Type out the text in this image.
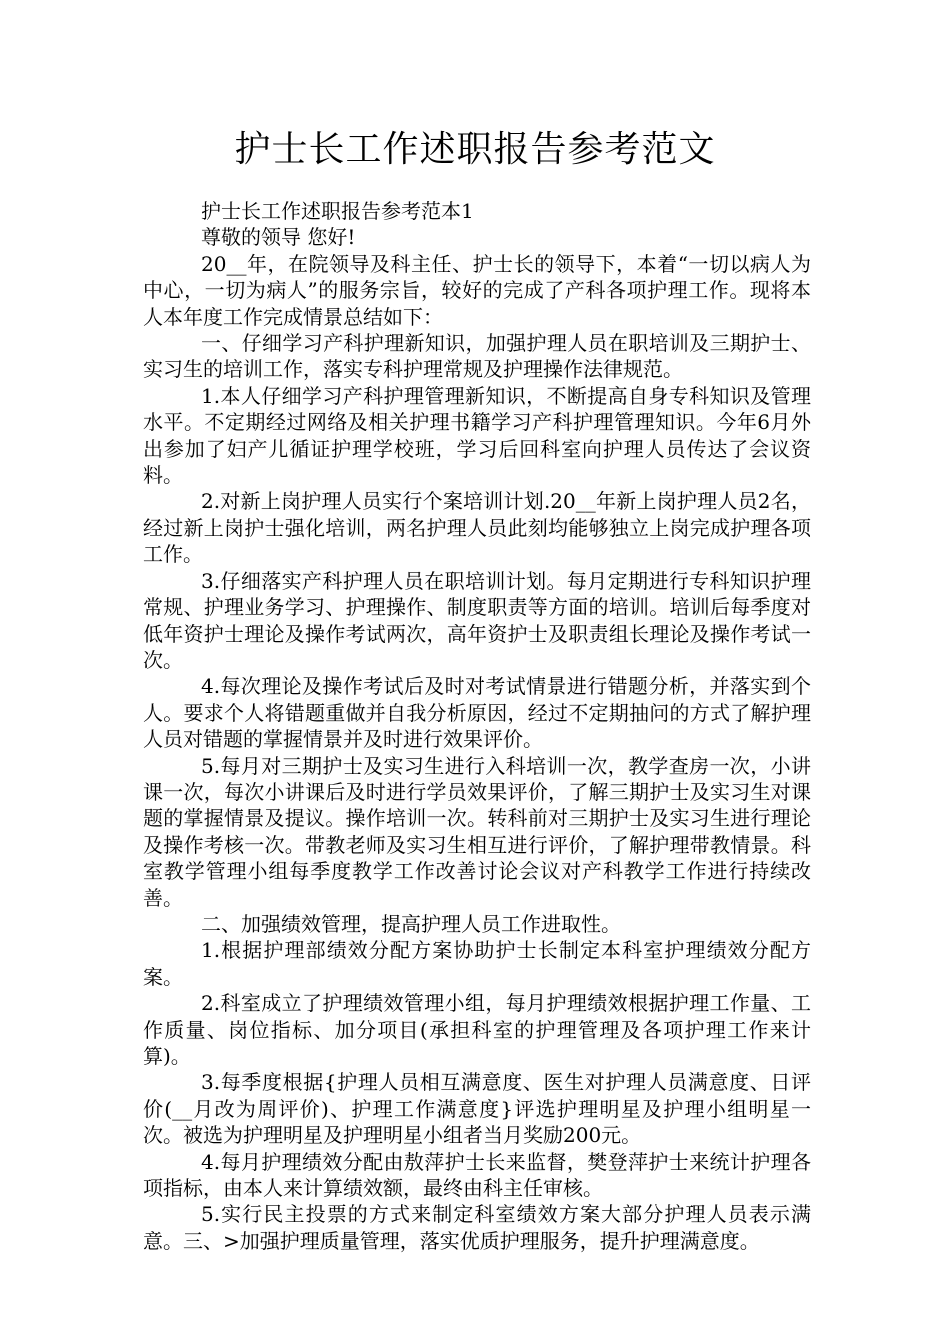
护士长工作述职报告参考范文

护士长工作述职报告参考范本1

尊敬的领导 您好!

20__年，在院领导及科主任、护士长的领导下，本着“一切以病人为中心，一切为病人”的服务宗旨，较好的完成了产科各项护理工作。现将本人本年度工作完成情景总结如下：

一、仔细学习产科护理新知识，加强护理人员在职培训及三期护士、实习生的培训工作，落实专科护理常规及护理操作法律规范。

1.本人仔细学习产科护理管理新知识，不断提高自身专科知识及管理水平。不定期经过网络及相关护理书籍学习产科护理管理知识。今年6月外出参加了妇产儿循证护理学校班，学习后回科室向护理人员传达了会议资料。

2.对新上岗护理人员实行个案培训计划.20__年新上岗护理人员2名，经过新上岗护士强化培训，两名护理人员此刻均能够独立上岗完成护理各项工作。

3.仔细落实产科护理人员在职培训计划。每月定期进行专科知识护理常规、护理业务学习、护理操作、制度职责等方面的培训。培训后每季度对低年资护士理论及操作考试两次，高年资护士及职责组长理论及操作考试一次。

4.每次理论及操作考试后及时对考试情景进行错题分析，并落实到个人。要求个人将错题重做并自我分析原因，经过不定期抽问的方式了解护理人员对错题的掌握情景并及时进行效果评价。

5.每月对三期护士及实习生进行入科培训一次，教学查房一次，小讲课一次，每次小讲课后及时进行学员效果评价，了解三期护士及实习生对课题的掌握情景及提议。操作培训一次。转科前对三期护士及实习生进行理论及操作考核一次。带教老师及实习生相互进行评价，了解护理带教情景。科室教学管理小组每季度教学工作改善讨论会议对产科教学工作进行持续改善。

二、加强绩效管理，提高护理人员工作进取性。

1.根据护理部绩效分配方案协助护士长制定本科室护理绩效分配方案。

2.科室成立了护理绩效管理小组，每月护理绩效根据护理工作量、工作质量、岗位指标、加分项目(承担科室的护理管理及各项护理工作来计算)。

3.每季度根据{护理人员相互满意度、医生对护理人员满意度、日评价(__月改为周评价)、护理工作满意度}评选护理明星及护理小组明星一次。被选为护理明星及护理明星小组者当月奖励200元。

4.每月护理绩效分配由敖萍护士长来监督，樊登萍护士来统计护理各项指标，由本人来计算绩效额，最终由科主任审核。

5.实行民主投票的方式来制定科室绩效方案大部分护理人员表示满意。三、>加强护理质量管理，落实优质护理服务，提升护理满意度。
